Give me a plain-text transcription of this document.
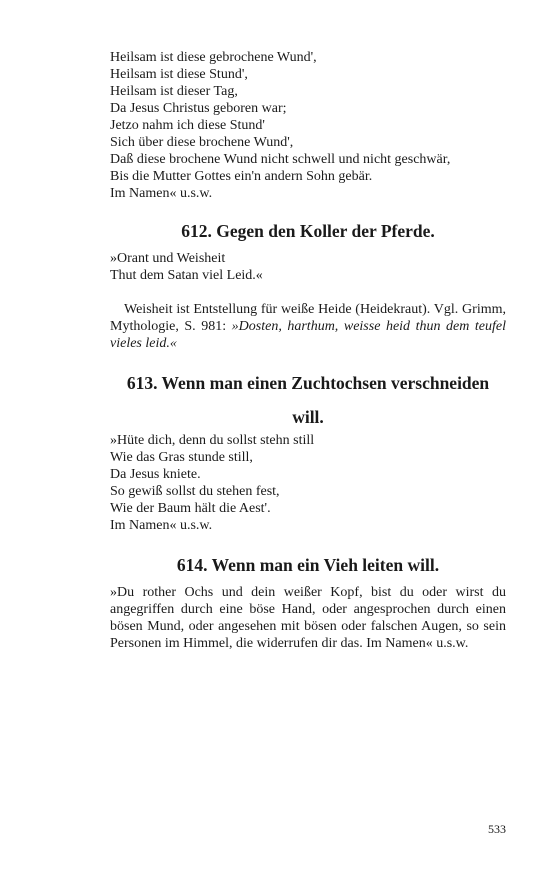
Heilsam ist diese gebrochene Wund',
Heilsam ist diese Stund',
Heilsam ist dieser Tag,
Da Jesus Christus geboren war;
Jetzo nahm ich diese Stund'
Sich über diese brochene Wund',
Daß diese brochene Wund nicht schwell und nicht geschwär,
Bis die Mutter Gottes ein'n andern Sohn gebär.
Im Namen« u.s.w.
612. Gegen den Koller der Pferde.
»Orant und Weisheit
Thut dem Satan viel Leid.«

Weisheit ist Entstellung für weiße Heide (Heidekraut). Vgl. Grimm, Mythologie, S. 981: »Dosten, harthum, weisse heid thun dem teufel vieles leid.«

613. Wenn man einen Zuchtochsen verschneiden
will.
»Hüte dich, denn du sollst stehn still
Wie das Gras stunde still,
Da Jesus kniete.
So gewiß sollst du stehen fest,
Wie der Baum hält die Aest'.
Im Namen« u.s.w.
614. Wenn man ein Vieh leiten will.

»Du rother Ochs und dein weißer Kopf, bist du oder wirst du angegriffen durch eine böse Hand, oder angesprochen durch einen bösen Mund, oder angesehen mit bösen oder falschen Augen, so sein Personen im Himmel, die widerrufen dir das. Im Namen« u.s.w.

533
